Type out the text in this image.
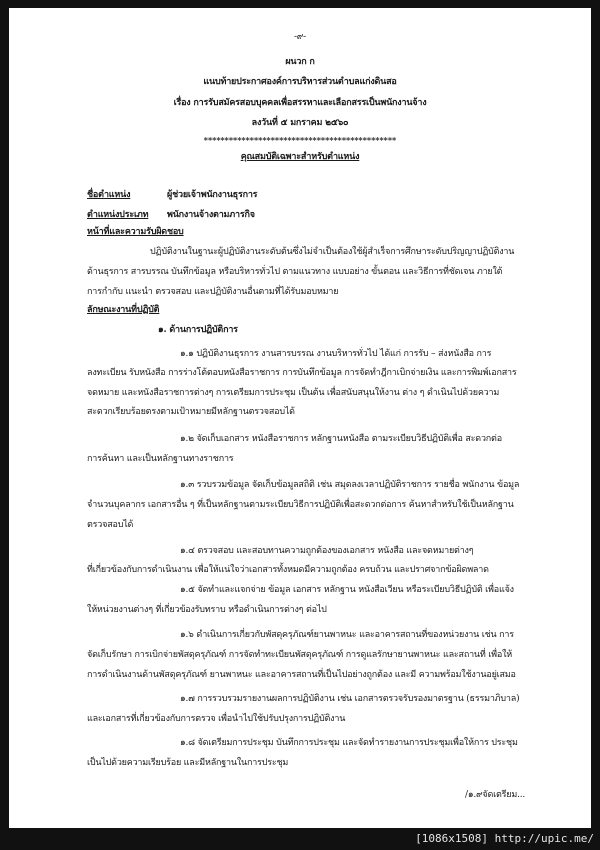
-๙-
ผนวก ก
แนบท้ายประกาศองค์การบริหารส่วนตำบลแก่งดินสอ
เรื่อง การรับสมัครสอบบุคคลเพื่อสรรหาและเลือกสรรเป็นพนักงานจ้าง
ลงวันที่ ๕ มกราคม ๒๕๖๐
**********************************************
คุณสมบัติเฉพาะสำหรับตำแหน่ง
ชื่อตำแหน่ง	ผู้ช่วยเจ้าพนักงานธุรการ
ตำแหน่งประเภท พนักงานจ้างตามภารกิจ
หน้าที่และความรับผิดชอบ
ปฏิบัติงานในฐานะผู้ปฏิบัติงานระดับต้นซึ่งไม่จำเป็นต้องใช้ผู้สำเร็จการศึกษาระดับปริญญาปฏิบัติงาน
ด้านธุรการ สารบรรณ บันทึกข้อมูล หรือบริหารทั่วไป ตามแนวทาง แบบอย่าง ขั้นตอน และวิธีการที่ชัดเจน ภายใต้
การกำกับ แนะนำ ตรวจสอบ และปฏิบัติงานอื่นตามที่ได้รับมอบหมาย
ลักษณะงานที่ปฏิบัติ
๑. ด้านการปฏิบัติการ
๑.๑ ปฏิบัติงานธุรการ งานสารบรรณ งานบริหารทั่วไป ได้แก่ การรับ – ส่งหนังสือ การ
ลงทะเบียน รับหนังสือ การร่างโต้ตอบหนังสือราชการ การบันทึกข้อมูล การจัดทำฎีกาเบิกจ่ายเงิน และการพิมพ์เอกสาร
จดหมาย และหนังสือราชการต่างๆ การเตรียมการประชุม เป็นต้น เพื่อสนับสนุนให้งาน ต่าง ๆ ดำเนินไปด้วยความ
สะดวกเรียบร้อยตรงตามเป้าหมายมีหลักฐานตรวจสอบได้
๑.๒ จัดเก็บเอกสาร หนังสือราชการ หลักฐานหนังสือ ตามระเบียบวิธีปฏิบัติเพื่อ สะดวกต่อ
การค้นหา และเป็นหลักฐานทางราชการ
๑.๓ รวบรวมข้อมูล จัดเก็บข้อมูลสถิติ เช่น สมุดลงเวลาปฏิบัติราชการ รายชื่อ พนักงาน ข้อมูล
จำนวนบุคลากร เอกสารอื่น ๆ ที่เป็นหลักฐานตามระเบียบวิธีการปฏิบัติเพื่อสะดวกต่อการ ค้นหาสำหรับใช้เป็นหลักฐาน
ตรวจสอบได้
๑.๔ ตรวจสอบ และสอบทานความถูกต้องของเอกสาร หนังสือ และจดหมายต่างๆ
ที่เกี่ยวข้องกับการดำเนินงาน เพื่อให้แน่ใจว่าเอกสารทั้งหมดมีความถูกต้อง ครบถ้วน และปราศจากข้อผิดพลาด
๑.๕ จัดทำและแจกจ่าย ข้อมูล เอกสาร หลักฐาน หนังสือเวียน หรือระเบียบวิธีปฏิบัติ เพื่อแจ้ง
ให้หน่วยงานต่างๆ ที่เกี่ยวข้องรับทราบ หรือดำเนินการต่างๆ ต่อไป
๑.๖ ดำเนินการเกี่ยวกับพัสดุครุภัณฑ์ยานพาหนะ และอาคารสถานที่ของหน่วยงาน เช่น การ
จัดเก็บรักษา การเบิกจ่ายพัสดุครุภัณฑ์ การจัดทำทะเบียนพัสดุครุภัณฑ์ การดูแลรักษายานพาหนะ และสถานที่ เพื่อให้
การดำเนินงานด้านพัสดุครุภัณฑ์ ยานพาหนะ และอาคารสถานที่เป็นไปอย่างถูกต้อง และมี ความพร้อมใช้งานอยู่เสมอ
๑.๗ การรวบรวมรายงานผลการปฏิบัติงาน เช่น เอกสารตรวจรับรองมาตรฐาน (ธรรมาภิบาล)
และเอกสารที่เกี่ยวข้องกับการตรวจ เพื่อนำไปใช้ปรับปรุงการปฏิบัติงาน
๑.๘ จัดเตรียมการประชุม บันทึกการประชุม และจัดทำรายงานการประชุมเพื่อให้การ ประชุม
เป็นไปด้วยความเรียบร้อย และมีหลักฐานในการประชุม
/๑.๙จัดเตรียม...
[1086x1508] http://upic.me/
